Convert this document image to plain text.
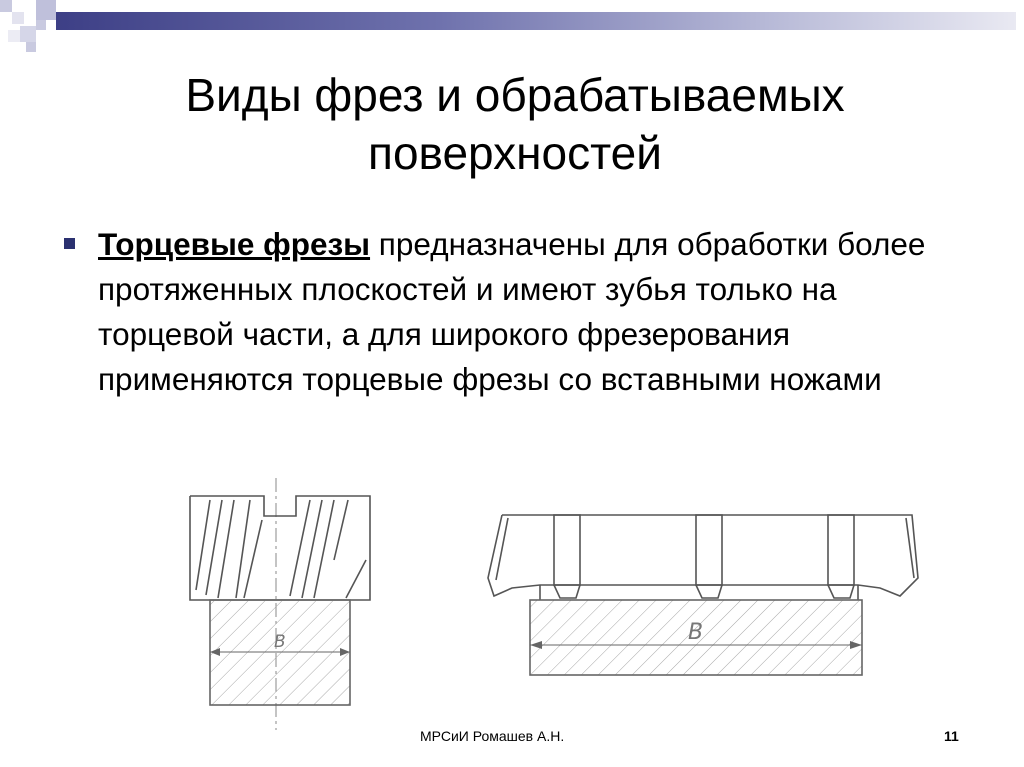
Виды фрез и обрабатываемых
поверхностей
Торцевые фрезы предназначены для обработки более протяженных плоскостей и имеют зубья только на торцевой части, а для широкого фрезерования применяются торцевые фрезы со вставными ножами
B	B
МРСиИ Ромашев А.Н.	11
